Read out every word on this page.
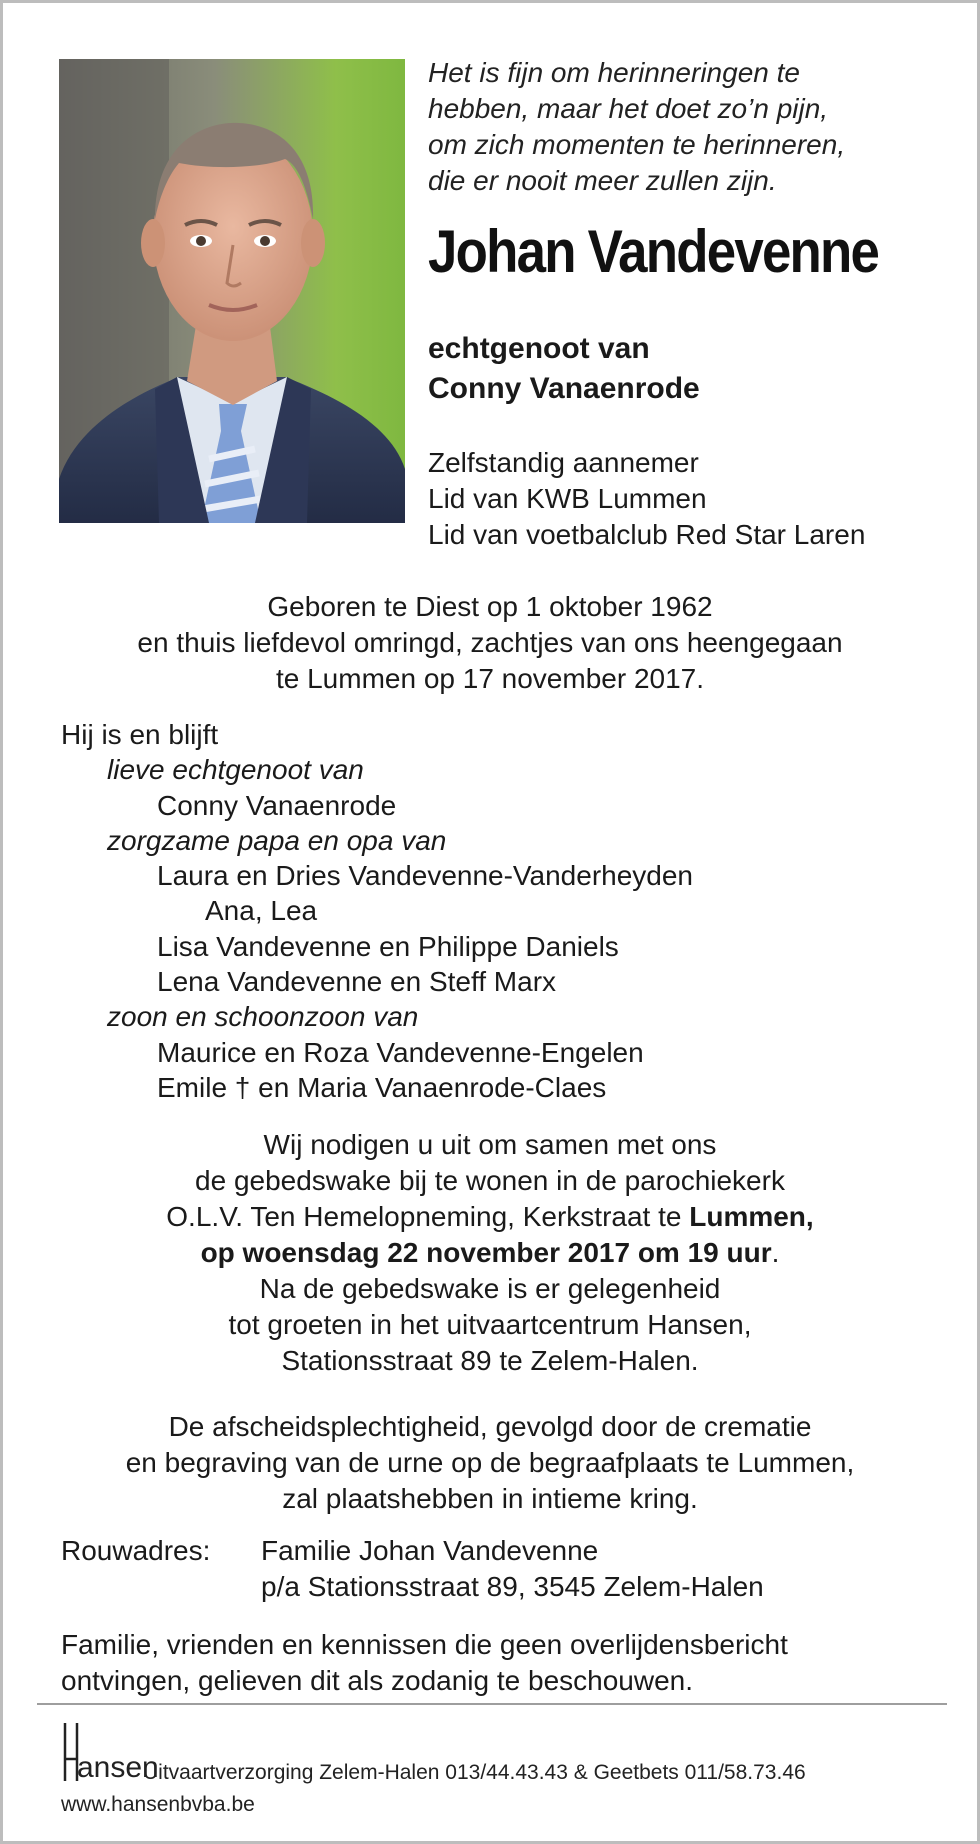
Het is fijn om herinneringen te
hebben, maar het doet zo’n pijn,
om zich momenten te herinneren,
die er nooit meer zullen zijn.
Johan Vandevenne
echtgenoot van
Conny Vanaenrode
Zelfstandig aannemer
Lid van KWB Lummen
Lid van voetbalclub Red Star Laren
Geboren te Diest op 1 oktober 1962
en thuis liefdevol omringd, zachtjes van ons heengegaan
te Lummen op 17 november 2017.
Hij is en blijft
lieve echtgenoot van
Conny Vanaenrode
zorgzame papa en opa van
Laura en Dries Vandevenne-Vanderheyden
Ana, Lea
Lisa Vandevenne en Philippe Daniels
Lena Vandevenne en Steff Marx
zoon en schoonzoon van
Maurice en Roza Vandevenne-Engelen
Emile † en Maria Vanaenrode-Claes
Wij nodigen u uit om samen met ons
de gebedswake bij te wonen in de parochiekerk
O.L.V. Ten Hemelopneming, Kerkstraat te Lummen,
op woensdag 22 november 2017 om 19 uur.
Na de gebedswake is er gelegenheid
tot groeten in het uitvaartcentrum Hansen,
Stationsstraat 89 te Zelem-Halen.
De afscheidsplechtigheid, gevolgd door de crematie
en begraving van de urne op de begraafplaats te Lummen,
zal plaatshebben in intieme kring.
Rouwadres: Familie Johan Vandevenne
p/a Stationsstraat 89, 3545 Zelem-Halen
Familie, vrienden en kennissen die geen overlijdensbericht
ontvingen, gelieven dit als zodanig te beschouwen.
ansen
Uitvaartverzorging Zelem-Halen 013/44.43.43 & Geetbets 011/58.73.46
www.hansenbvba.be
